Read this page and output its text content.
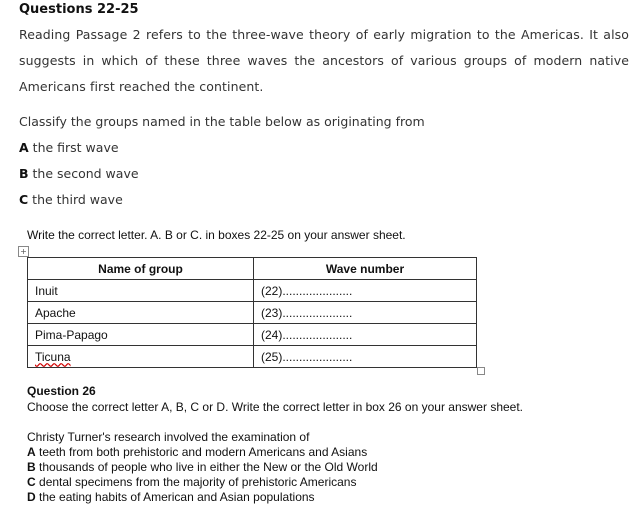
Questions 22-25
Reading Passage 2 refers to the three-wave theory of early migration to the Americas. It also
suggests in which of these three waves the ancestors of various groups of modern native
Americans first reached the continent.
Classify the groups named in the table below as originating from
A the first wave
B the second wave
C the third wave
Write the correct letter. A. B or C. in boxes 22-25 on your answer sheet.
+
Name of group	Wave number
Inuit	(22).....................
Apache	(23).....................
Pima-Papago	(24).....................
Ticuna	(25).....................
Question 26
Choose the correct letter A, B, C or D. Write the correct letter in box 26 on your answer sheet.
Christy Turner's research involved the examination of
A teeth from both prehistoric and modern Americans and Asians
B thousands of people who live in either the New or the Old World
C dental specimens from the majority of prehistoric Americans
D the eating habits of American and Asian populations
